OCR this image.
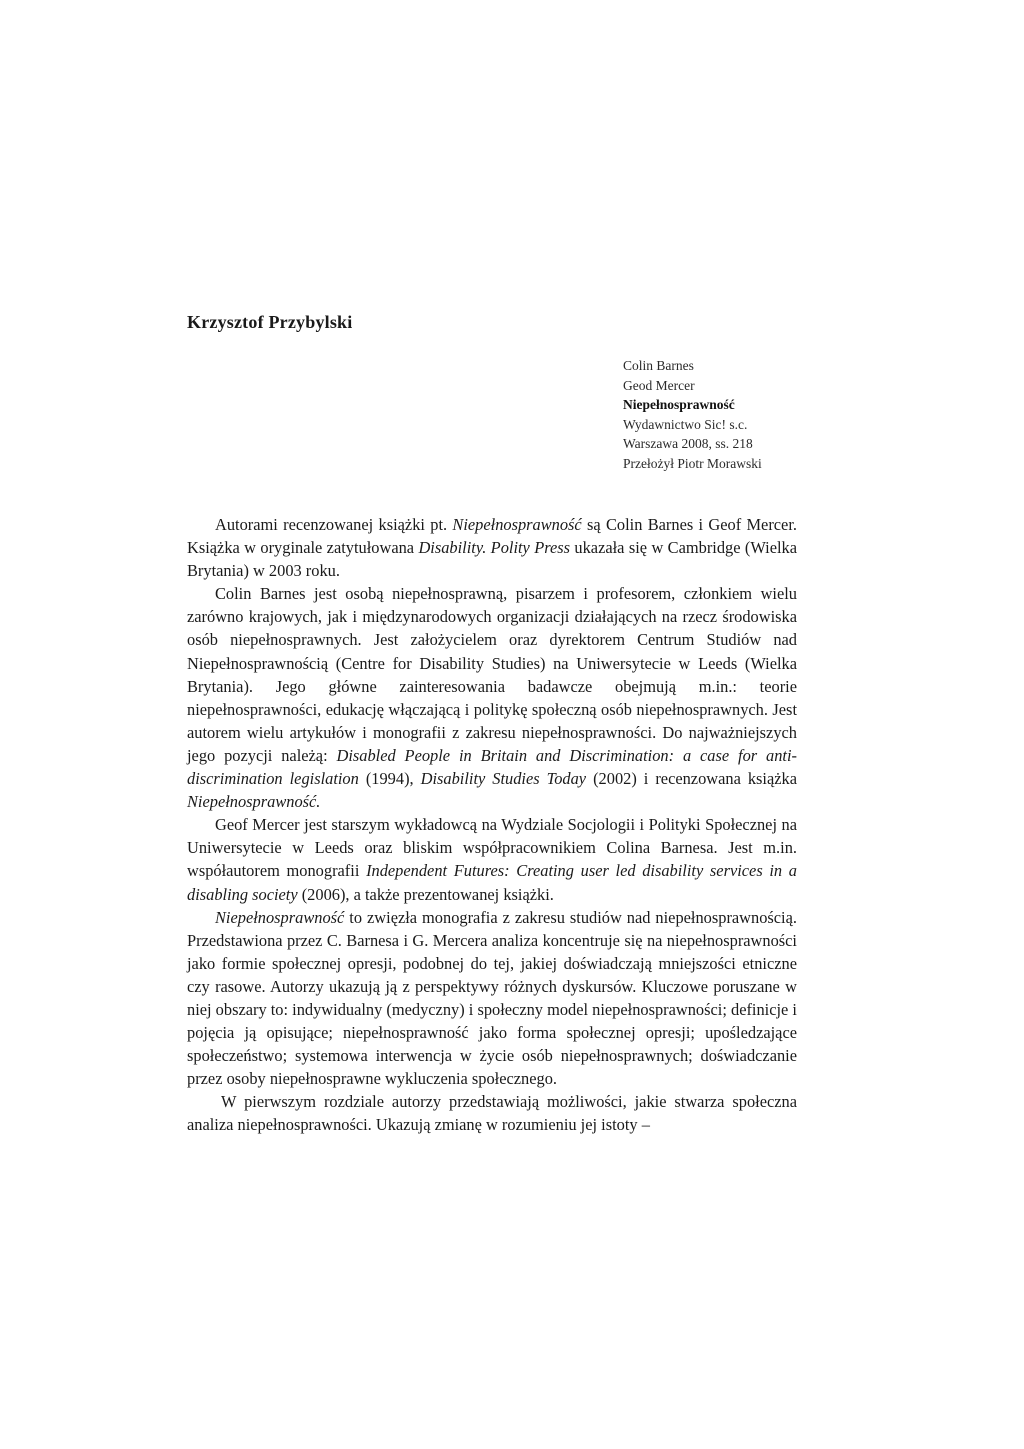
Krzysztof Przybylski
Colin Barnes
Geod Mercer
Niepełnosprawność
Wydawnictwo Sic! s.c.
Warszawa 2008, ss. 218
Przełożył Piotr Morawski

Autorami recenzowanej książki pt. Niepełnosprawność są Colin Barnes i Geof Mercer. Książka w oryginale zatytułowana Disability. Polity Press ukazała się w Cambridge (Wielka Brytania) w 2003 roku.

Colin Barnes jest osobą niepełnosprawną, pisarzem i profesorem, członkiem wielu zarówno krajowych, jak i międzynarodowych organizacji działających na rzecz środowiska osób niepełnosprawnych. Jest założycielem oraz dyrektorem Centrum Studiów nad Niepełnosprawnością (Centre for Disability Studies) na Uniwersytecie w Leeds (Wielka Brytania). Jego główne zainteresowania badawcze obejmują m.in.: teorie niepełnosprawności, edukację włączającą i politykę społeczną osób niepełnosprawnych. Jest autorem wielu artykułów i monografii z zakresu niepełnosprawności. Do najważniejszych jego pozycji należą: Disabled People in Britain and Discrimination: a case for anti-discrimination legislation (1994), Disability Studies Today (2002) i recenzowana książka Niepełnosprawność.

Geof Mercer jest starszym wykładowcą na Wydziale Socjologii i Polityki Społecznej na Uniwersytecie w Leeds oraz bliskim współpracownikiem Colina Barnesa. Jest m.in. współautorem monografii Independent Futures: Creating user led disability services in a disabling society (2006), a także prezentowanej książki.

Niepełnosprawność to zwięzła monografia z zakresu studiów nad niepełnosprawnością. Przedstawiona przez C. Barnesa i G. Mercera analiza koncentruje się na niepełnosprawności jako formie społecznej opresji, podobnej do tej, jakiej doświadczają mniejszości etniczne czy rasowe. Autorzy ukazują ją z perspektywy różnych dyskursów. Kluczowe poruszane w niej obszary to: indywidualny (medyczny) i społeczny model niepełnosprawności; definicje i pojęcia ją opisujące; niepełnosprawność jako forma społecznej opresji; upośledzające społeczeństwo; systemowa interwencja w życie osób niepełnosprawnych; doświadczanie przez osoby niepełnosprawne wykluczenia społecznego.

W pierwszym rozdziale autorzy przedstawiają możliwości, jakie stwarza społeczna analiza niepełnosprawności. Ukazują zmianę w rozumieniu jej istoty –
